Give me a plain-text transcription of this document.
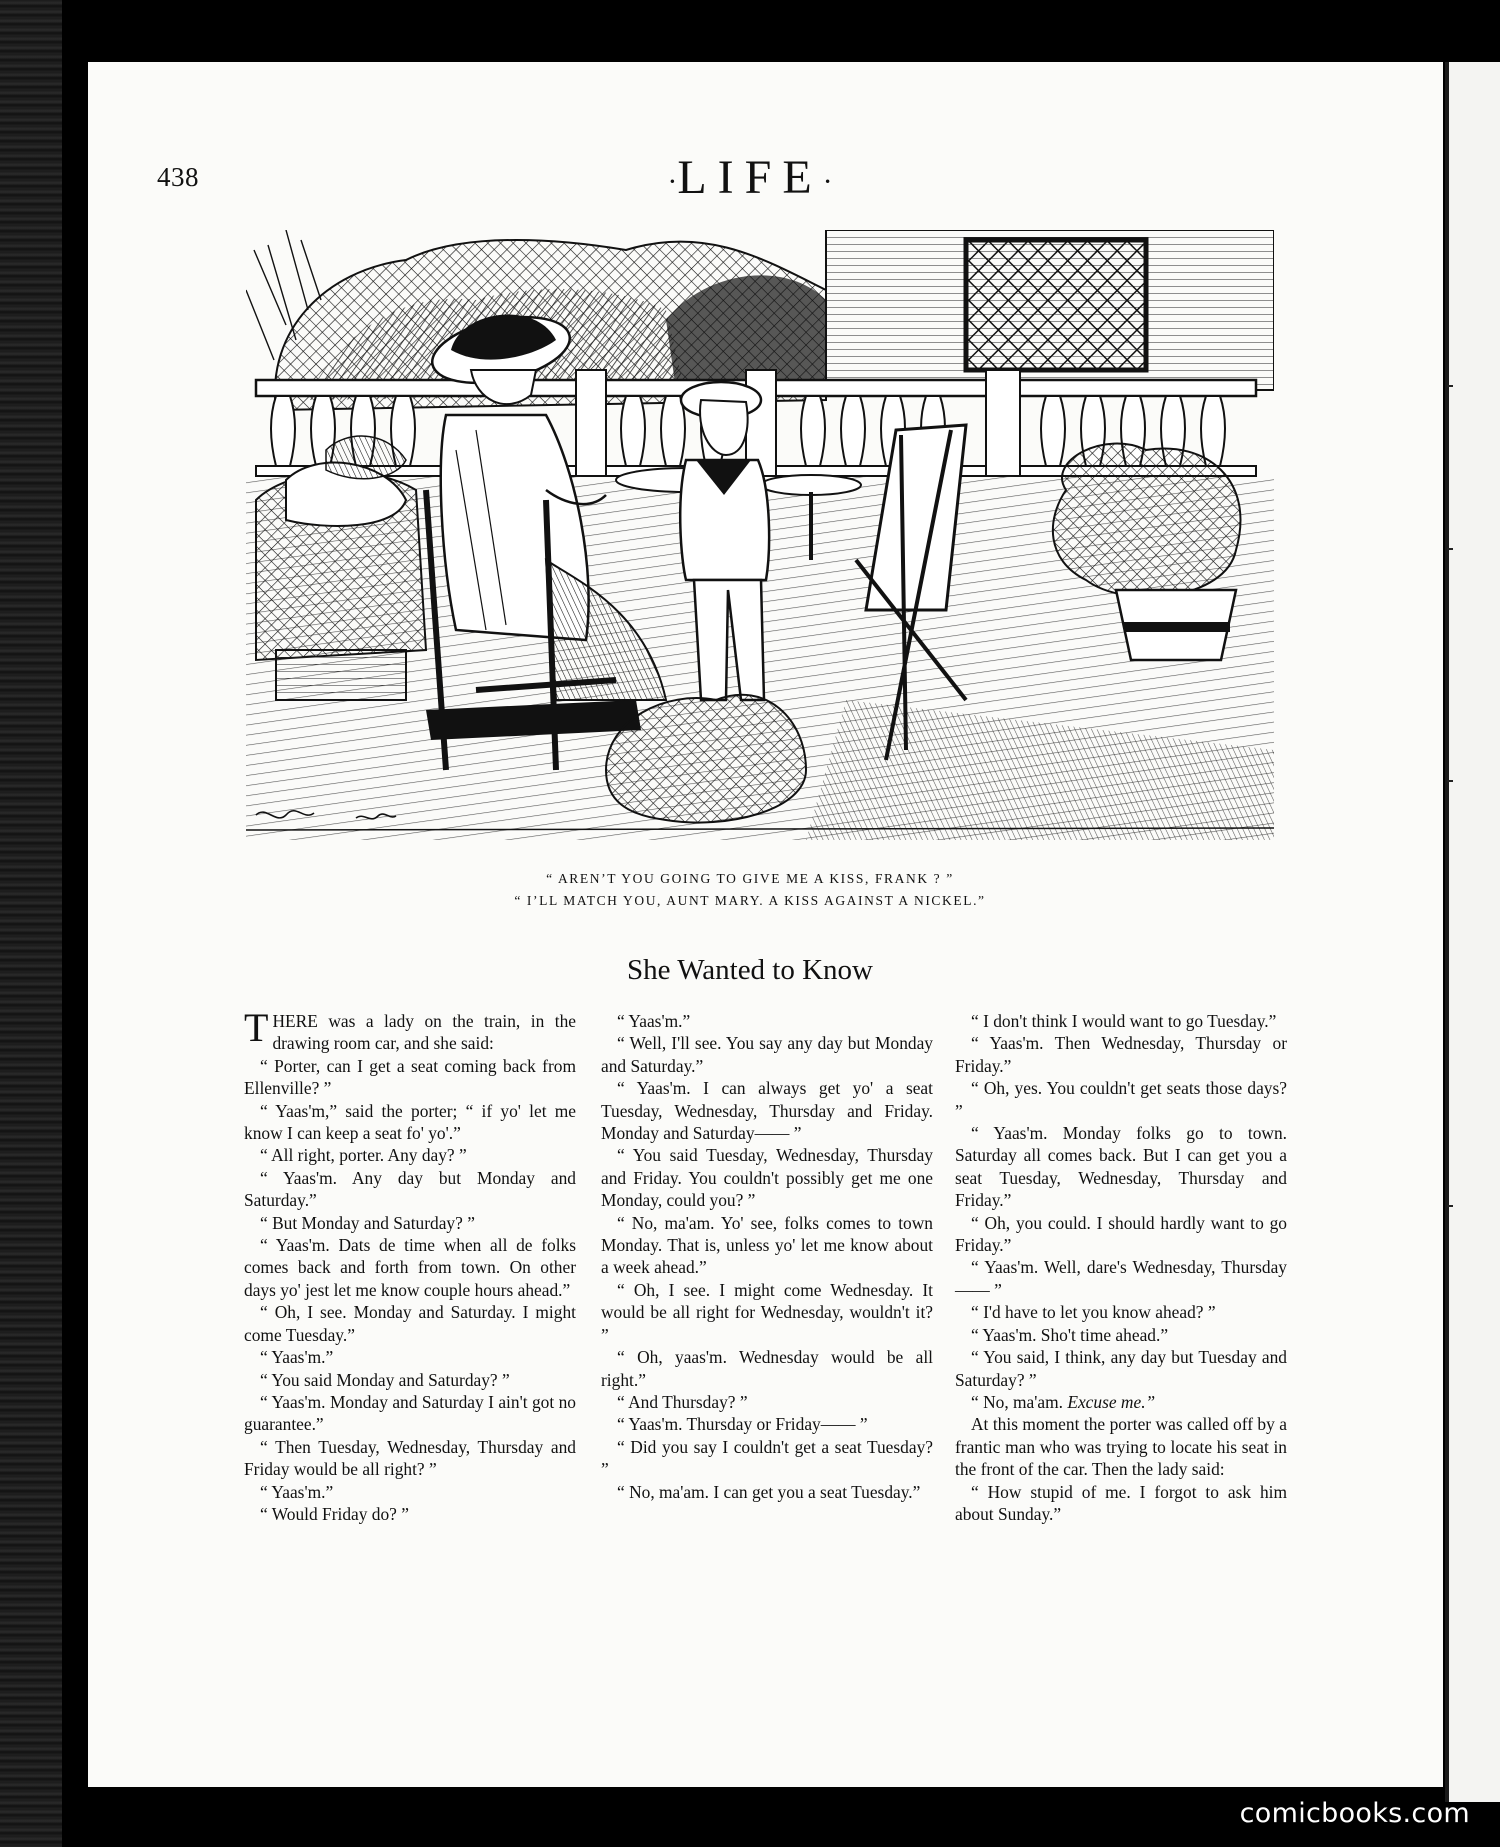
438	·LIFE·
“ AREN’T YOU GOING TO GIVE ME A KISS, FRANK ? ”
“ I’LL MATCH YOU, AUNT MARY. A KISS AGAINST A NICKEL.”
She Wanted to Know

THERE was a lady on the train, in the drawing room car, and she said:

“ Porter, can I get a seat coming back from Ellenville? ”

“ Yaas'm,” said the porter; “ if yo' let me know I can keep a seat fo' yo'.”

“ All right, porter. Any day? ”

“ Yaas'm. Any day but Monday and Saturday.”

“ But Monday and Saturday? ”

“ Yaas'm. Dats de time when all de folks comes back and forth from town. On other days yo' jest let me know couple hours ahead.”

“ Oh, I see. Monday and Saturday. I might come Tuesday.”

“ Yaas'm.”

“ You said Monday and Saturday? ”

“ Yaas'm. Monday and Saturday I ain't got no guarantee.”

“ Then Tuesday, Wednesday, Thursday and Friday would be all right? ”

“ Yaas'm.”

“ Would Friday do? ”

“ Yaas'm.”

“ Well, I'll see. You say any day but Monday and Saturday.”

“ Yaas'm. I can always get yo' a seat Tuesday, Wednesday, Thursday and Friday. Monday and Saturday—— ”

“ You said Tuesday, Wednesday, Thursday and Friday. You couldn't possibly get me one Monday, could you? ”

“ No, ma'am. Yo' see, folks comes to town Monday. That is, unless yo' let me know about a week ahead.”

“ Oh, I see. I might come Wednesday. It would be all right for Wednesday, wouldn't it? ”

“ Oh, yaas'm. Wednesday would be all right.”

“ And Thursday? ”

“ Yaas'm. Thursday or Friday—— ”

“ Did you say I couldn't get a seat Tuesday? ”

“ No, ma'am. I can get you a seat Tuesday.”

“ I don't think I would want to go Tuesday.”

“ Yaas'm. Then Wednesday, Thursday or Friday.”

“ Oh, yes. You couldn't get seats those days? ”

“ Yaas'm. Monday folks go to town. Saturday all comes back. But I can get you a seat Tuesday, Wednesday, Thursday and Friday.”

“ Oh, you could. I should hardly want to go Friday.”

“ Yaas'm. Well, dare's Wednesday, Thursday—— ”

“ I'd have to let you know ahead? ”

“ Yaas'm. Sho't time ahead.”

“ You said, I think, any day but Tuesday and Saturday? ”

“ No, ma'am. Excuse me.”

At this moment the porter was called off by a frantic man who was trying to locate his seat in the front of the car. Then the lady said:

“ How stupid of me. I forgot to ask him about Sunday.”

comicbooks.com
